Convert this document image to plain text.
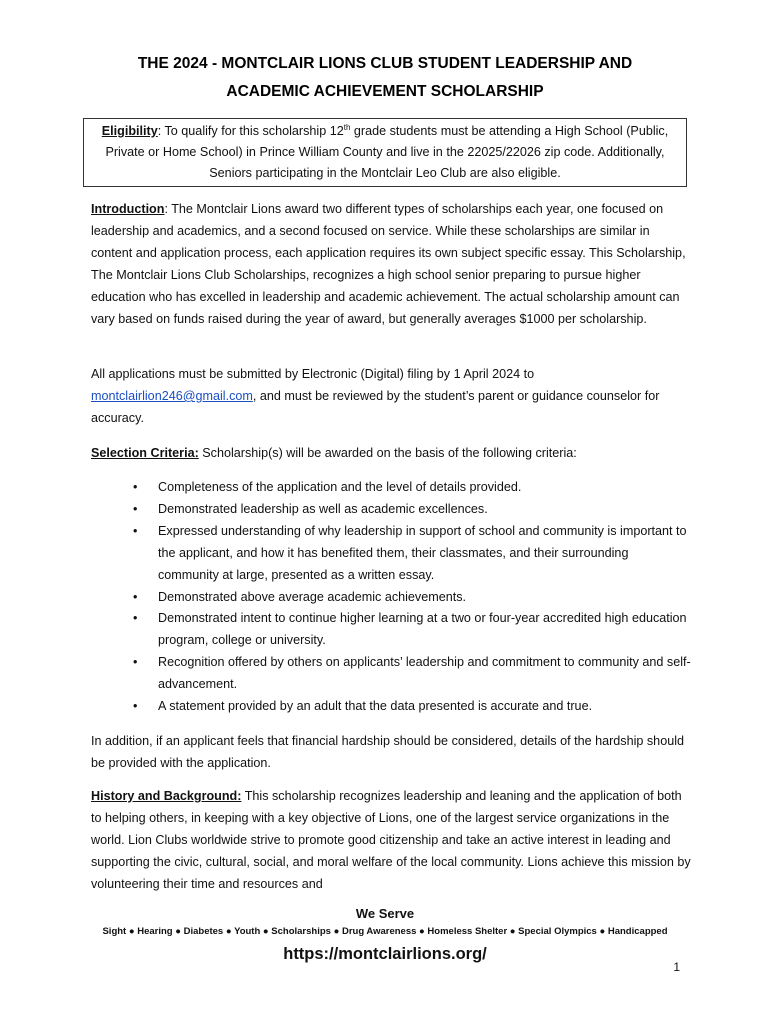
THE 2024 - MONTCLAIR LIONS CLUB STUDENT LEADERSHIP AND
ACADEMIC ACHIEVEMENT SCHOLARSHIP
Eligibility: To qualify for this scholarship 12th grade students must be attending a High School (Public, Private or Home School) in Prince William County and live in the 22025/22026 zip code. Additionally, Seniors participating in the Montclair Leo Club are also eligible.

Introduction: The Montclair Lions award two different types of scholarships each year, one focused on leadership and academics, and a second focused on service. While these scholarships are similar in content and application process, each application requires its own subject specific essay. This Scholarship, The Montclair Lions Club Scholarships, recognizes a high school senior preparing to pursue higher education who has excelled in leadership and academic achievement. The actual scholarship amount can vary based on funds raised during the year of award, but generally averages $1000 per scholarship.

All applications must be submitted by Electronic (Digital) filing by 1 April 2024 to montclairlion246@gmail.com, and must be reviewed by the student’s parent or guidance counselor for accuracy.

Selection Criteria: Scholarship(s) will be awarded on the basis of the following criteria:

• Completeness of the application and the level of details provided.
• Demonstrated leadership as well as academic excellences.
• Expressed understanding of why leadership in support of school and community is important to the applicant, and how it has benefited them, their classmates, and their surrounding community at large, presented as a written essay.
• Demonstrated above average academic achievements.
• Demonstrated intent to continue higher learning at a two or four-year accredited high education program, college or university.
• Recognition offered by others on applicants’ leadership and commitment to community and self-advancement.
• A statement provided by an adult that the data presented is accurate and true.

In addition, if an applicant feels that financial hardship should be considered, details of the hardship should be provided with the application.

History and Background: This scholarship recognizes leadership and leaning and the application of both to helping others, in keeping with a key objective of Lions, one of the largest service organizations in the world. Lion Clubs worldwide strive to promote good citizenship and take an active interest in leading and supporting the civic, cultural, social, and moral welfare of the local community. Lions achieve this mission by volunteering their time and resources and

We Serve
Sight ● Hearing ● Diabetes ● Youth ● Scholarships ● Drug Awareness ● Homeless Shelter ● Special Olympics ● Handicapped
https://montclairlions.org/
1
